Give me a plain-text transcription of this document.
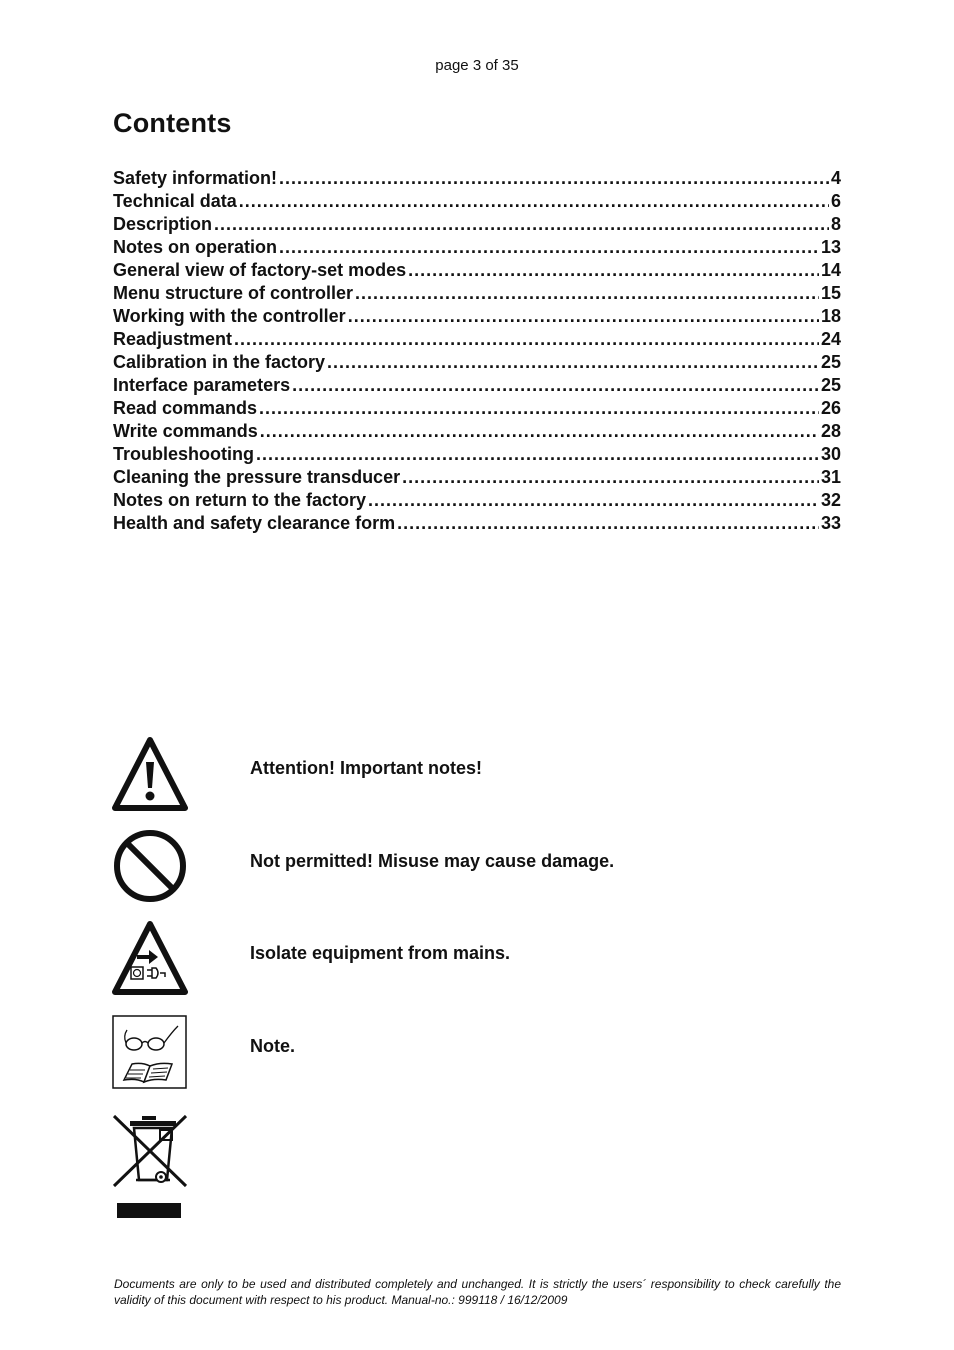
page 3 of 35
Contents
Safety information! .....	4
Technical data .....	6
Description .....	8
Notes on operation .....	13
General view of factory-set modes .....	14
Menu structure of controller .....	15
Working with the controller .....	18
Readjustment .....	24
Calibration in the factory .....	25
Interface parameters .....	25
Read commands .....	26
Write commands .....	28
Troubleshooting .....	30
Cleaning the pressure transducer .....	31
Notes on return to the factory .....	32
Health and safety clearance form .....	33
Attention! Important notes!
Not permitted! Misuse may cause damage.
Isolate equipment from mains.
Note.
Documents are only to be used and distributed completely and unchanged. It is strictly the users´ responsibility to check carefully the validity of this document with respect to his product. Manual-no.: 999118 / 16/12/2009
